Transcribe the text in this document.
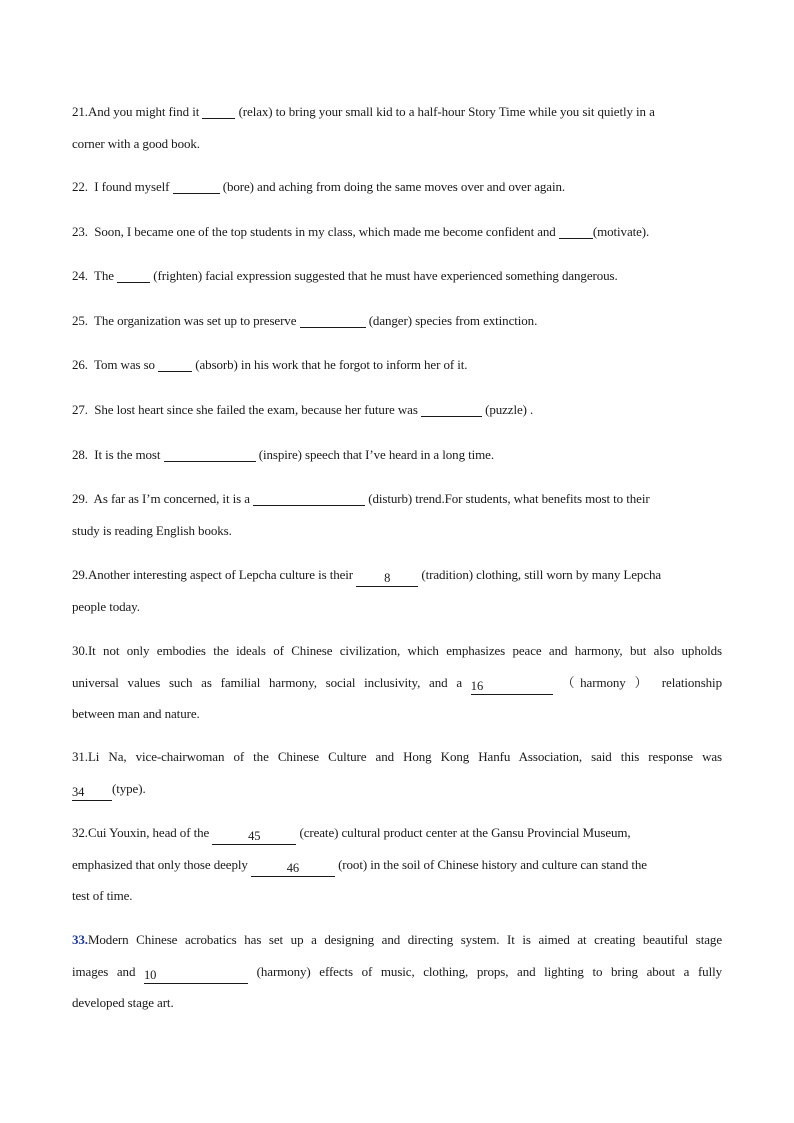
21.And you might find it	(relax) to bring your small kid to a half-hour Story Time while you sit quietly in a
corner with a good book.
22. I found myself	(bore) and aching from doing the same moves over and over again.
23. Soon, I became one of the top students in my class, which made me become confident and	(motivate).
24. The	(frighten) facial expression suggested that he must have experienced something dangerous.
25. The organization was set up to preserve	(danger) species from extinction.
26. Tom was so	(absorb) in his work that he forgot to inform her of it.
27. She lost heart since she failed the exam, because her future was	(puzzle) .
28. It is the most	(inspire) speech that I’ve heard in a long time.
29. As far as I’m concerned, it is a	(disturb) trend.For students, what benefits most to their
study is reading English books.
29.Another interesting aspect of Lepcha culture is their 8 (tradition) clothing, still worn by many Lepcha
people today.
30.It not only embodies the ideals of Chinese civilization, which emphasizes peace and harmony, but also upholds
universal values such as familial harmony, social inclusivity, and a 16	（harmony ） relationship
between man and nature.
31.Li Na, vice-chairwoman of the Chinese Culture and Hong Kong Hanfu Association, said this response was
34 (type).
32.Cui Youxin, head of the	45	(create) cultural product center at the Gansu Provincial Museum,
emphasized that only those deeply	46	(root) in the soil of Chinese history and culture can stand the
test of time.
33.Modern Chinese acrobatics has set up a designing and directing system. It is aimed at creating beautiful stage
images and 10	(harmony) effects of music, clothing, props, and lighting to bring about a fully
developed stage art.
